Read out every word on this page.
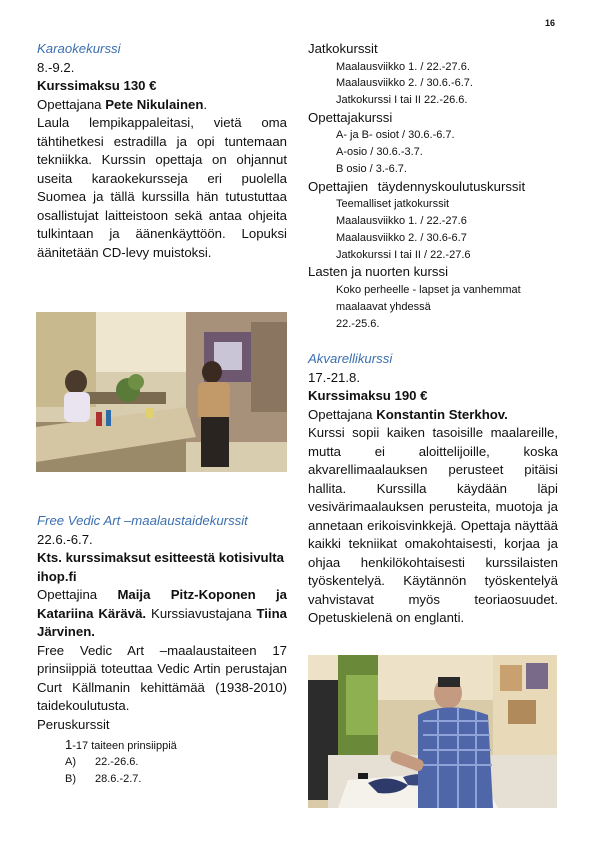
16
Karaokekurssi
8.-9.2.
Kurssimaksu 130 €
Opettajana Pete Nikulainen.
Laula lempikappaleitasi, vietä oma tähtihetkesi estradilla ja opi tuntemaan tekniikka. Kurssin opettaja on ohjannut useita karaokekursseja eri puolella Suomea ja tällä kurssilla hän tutustuttaa osallistujat laitteistoon sekä antaa ohjeita tulkintaan ja äänenkäyttöön. Lopuksi äänitetään CD-levy muistoksi.
Free Vedic Art –maalaustaidekurssit
22.6.-6.7.
Kts. kurssimaksut esitteestä kotisivulta ihop.fi
Opettajina Maija Pitz-Koponen ja Katariina Kärävä. Kurssiavustajana Tiina Järvinen.
Free Vedic Art –maalaustaiteen 17 prinsiippiä toteuttaa Vedic Artin perustajan Curt Källmanin kehittämää (1938-2010) taidekoulutusta.
Peruskurssit
1-17 taiteen prinsiippiä
A) 22.-26.6.
B) 28.6.-2.7.
Jatkokurssit
Maalausviikko 1. / 22.-27.6.
Maalausviikko 2. / 30.6.-6.7.
Jatkokurssi I tai II 22.-26.6.
Opettajakurssi
A- ja B- osiot / 30.6.-6.7.
A-osio / 30.6.-3.7.
B osio / 3.-6.7.
Opettajien täydennyskoulutuskurssit
Teemalliset jatkokurssit
Maalausviikko 1. / 22.-27.6
Maalausviikko 2. / 30.6-6.7
Jatkokurssi I tai II / 22.-27.6
Lasten ja nuorten kurssi
Koko perheelle - lapset ja vanhemmat maalaavat yhdessä
22.-25.6.
Akvarellikurssi
17.-21.8.
Kurssimaksu 190 €
Opettajana Konstantin Sterkhov.
Kurssi sopii kaiken tasoisille maalareille, mutta ei aloittelijoille, koska akvarellimaalauksen perusteet pitäisi hallita. Kurssilla käydään läpi vesivärimaalauksen perusteita, muotoja ja annetaan erikoisvinkkejä. Opettaja näyttää kaikki tekniikat omakohtaisesti, korjaa ja ohjaa henkilökohtaisesti kurssilaisten työskentelyä. Käytännön työskentelyä vahvistavat myös teoriaosuudet. Opetuskielenä on englanti.
